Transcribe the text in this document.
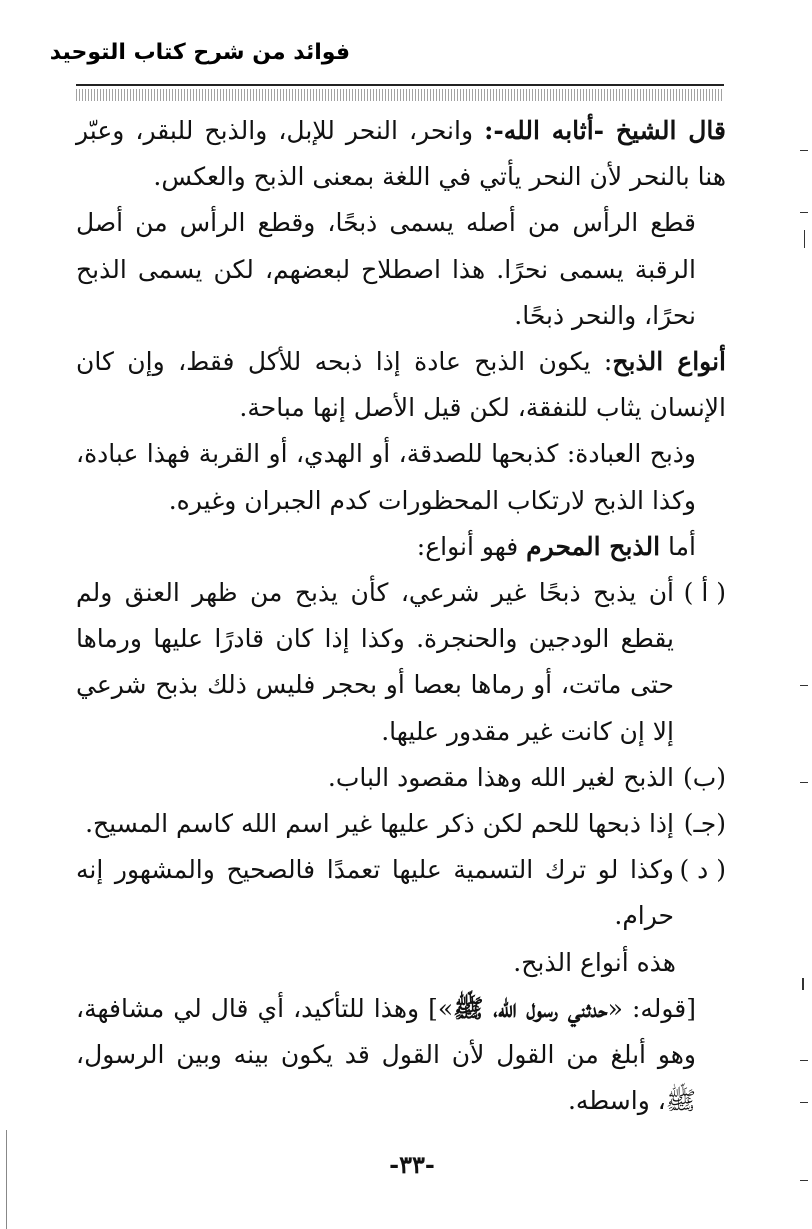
فوائد من شرح كتاب التوحيد

قال الشيخ -أثابه الله-: وانحر، النحر للإبل، والذبح للبقر، وعبّر هنا بالنحر لأن النحر يأتي في اللغة بمعنى الذبح والعكس.

قطع الرأس من أصله يسمى ذبحًا، وقطع الرأس من أصل الرقبة يسمى نحرًا. هذا اصطلاح لبعضهم، لكن يسمى الذبح نحرًا، والنحر ذبحًا.

أنواع الذبح: يكون الذبح عادة إذا ذبحه للأكل فقط، وإن كان الإنسان يثاب للنفقة، لكن قيل الأصل إنها مباحة.

وذبح العبادة: كذبحها للصدقة، أو الهدي، أو القربة فهذا عبادة، وكذا الذبح لارتكاب المحظورات كدم الجبران وغيره.

أما الذبح المحرم فهو أنواع:

( أ )
أن يذبح ذبحًا غير شرعي، كأن يذبح من ظهر العنق ولم يقطع الودجين والحنجرة. وكذا إذا كان قادرًا عليها ورماها حتى ماتت، أو رماها بعصا أو بحجر فليس ذلك بذبح شرعي إلا إن كانت غير مقدور عليها.
(ب)
الذبح لغير الله وهذا مقصود الباب.
(جـ)
إذا ذبحها للحم لكن ذكر عليها غير اسم الله كاسم المسيح.
( د )
وكذا لو ترك التسمية عليها تعمدًا فالصحيح والمشهور إنه حرام.

هذه أنواع الذبح.

[قوله: «حدثني رسول الله، ﷺ»] وهذا للتأكيد، أي قال لي مشافهة، وهو أبلغ من القول لأن القول قد يكون بينه وبين الرسول، ﷺ، واسطه.

-٣٣-
